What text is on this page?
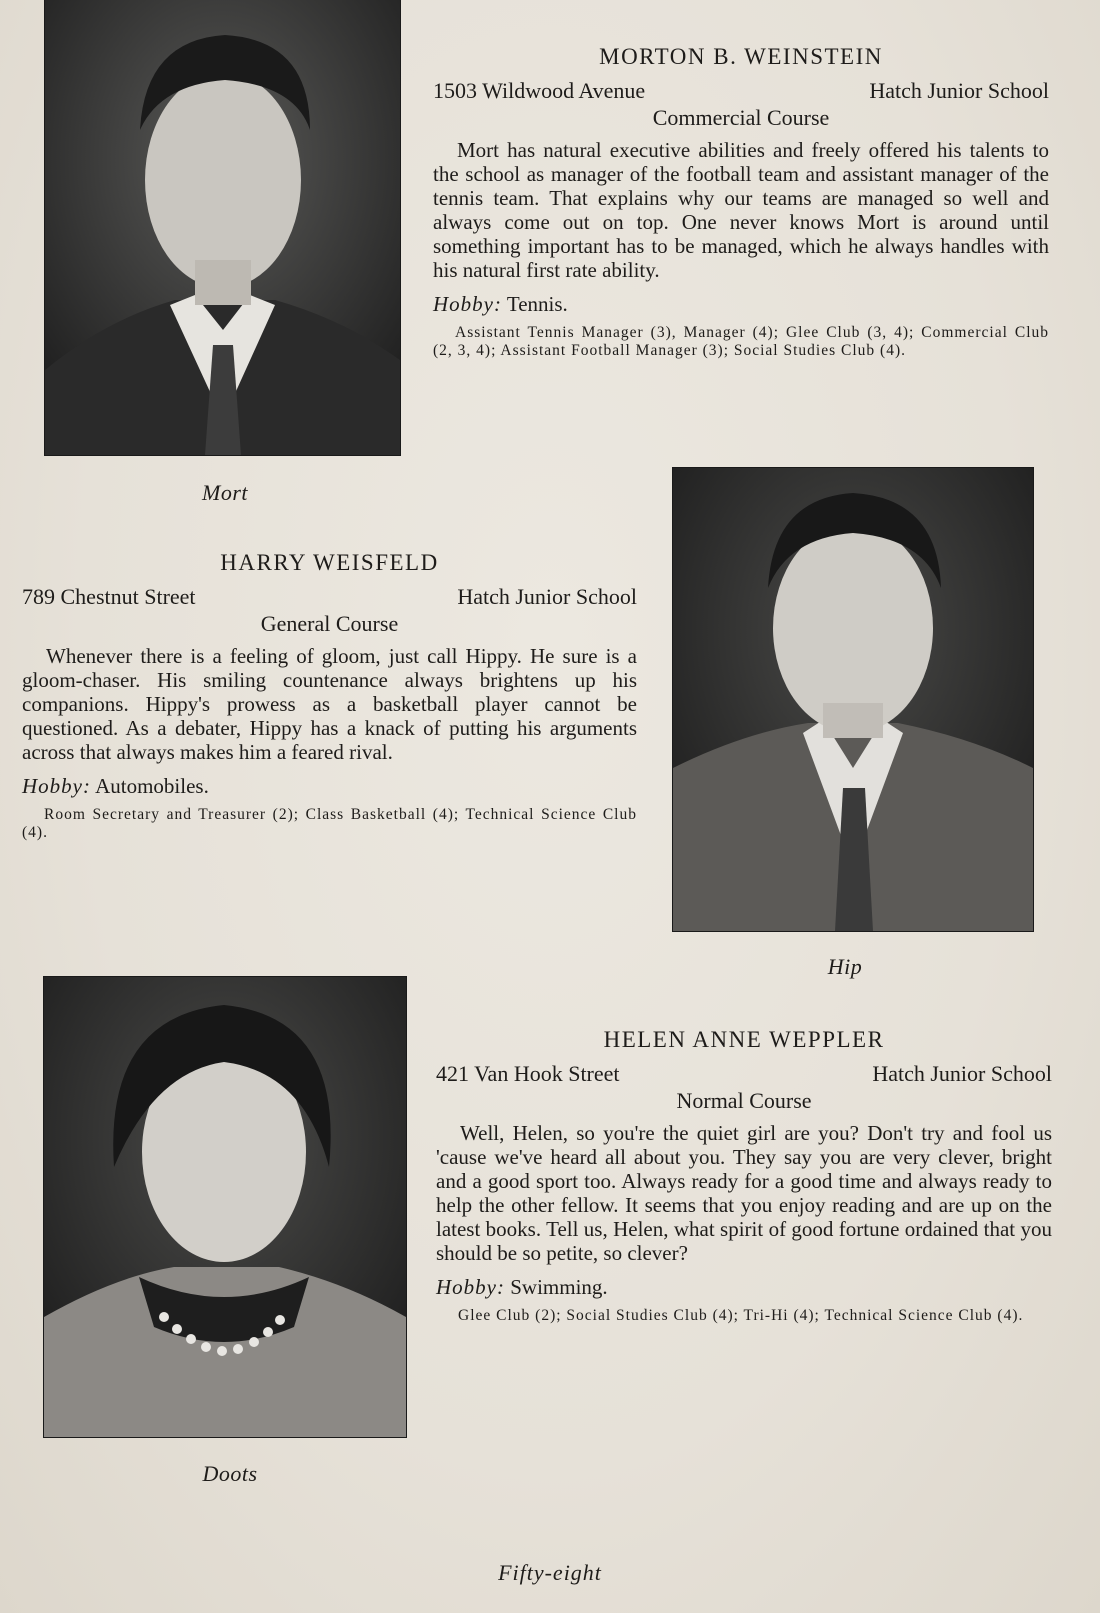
Mort
MORTON B. WEINSTEIN
1503 Wildwood Avenue	Hatch Junior School
Commercial Course

Mort has natural executive abilities and freely offered his talents to the school as manager of the football team and assistant manager of the tennis team. That explains why our teams are managed so well and always come out on top. One never knows Mort is around until something important has to be managed, which he always handles with his natural first rate ability.

Hobby: Tennis.

Assistant Tennis Manager (3), Manager (4); Glee Club (3, 4); Commercial Club (2, 3, 4); Assistant Football Manager (3); Social Studies Club (4).

HARRY WEISFELD
789 Chestnut Street	Hatch Junior School
General Course

Whenever there is a feeling of gloom, just call Hippy. He sure is a gloom-chaser. His smiling countenance always brightens up his companions. Hippy's prowess as a basketball player cannot be questioned. As a debater, Hippy has a knack of putting his arguments across that always makes him a feared rival.

Hobby: Automobiles.

Room Secretary and Treasurer (2); Class Basketball (4); Technical Science Club (4).

Hip
Doots
HELEN ANNE WEPPLER
421 Van Hook Street	Hatch Junior School
Normal Course

Well, Helen, so you're the quiet girl are you? Don't try and fool us 'cause we've heard all about you. They say you are very clever, bright and a good sport too. Always ready for a good time and always ready to help the other fellow. It seems that you enjoy reading and are up on the latest books. Tell us, Helen, what spirit of good fortune ordained that you should be so petite, so clever?

Hobby: Swimming.

Glee Club (2); Social Studies Club (4); Tri-Hi (4); Technical Science Club (4).

Fifty-eight
